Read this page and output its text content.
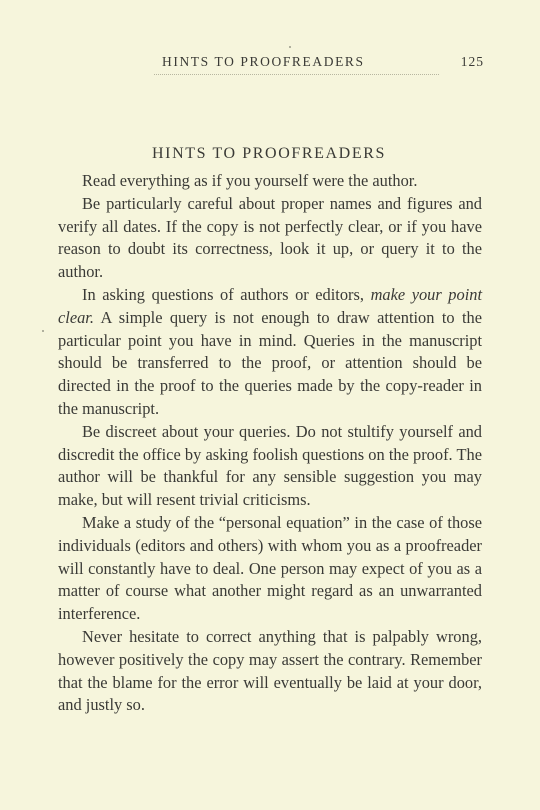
HINTS TO PROOFREADERS	125
HINTS TO PROOFREADERS

Read everything as if you yourself were the author.

Be particularly careful about proper names and figures and verify all dates. If the copy is not perfectly clear, or if you have reason to doubt its correctness, look it up, or query it to the author.

In asking questions of authors or editors, make your point clear. A simple query is not enough to draw attention to the particular point you have in mind. Queries in the manuscript should be transferred to the proof, or attention should be directed in the proof to the queries made by the copy-reader in the manuscript.

Be discreet about your queries. Do not stultify yourself and discredit the office by asking foolish questions on the proof. The author will be thankful for any sensible suggestion you may make, but will resent trivial criticisms.

Make a study of the “personal equation” in the case of those individuals (editors and others) with whom you as a proofreader will constantly have to deal. One person may expect of you as a matter of course what another might regard as an unwarranted interference.

Never hesitate to correct anything that is palpably wrong, however positively the copy may assert the contrary. Remember that the blame for the error will eventually be laid at your door, and justly so.
